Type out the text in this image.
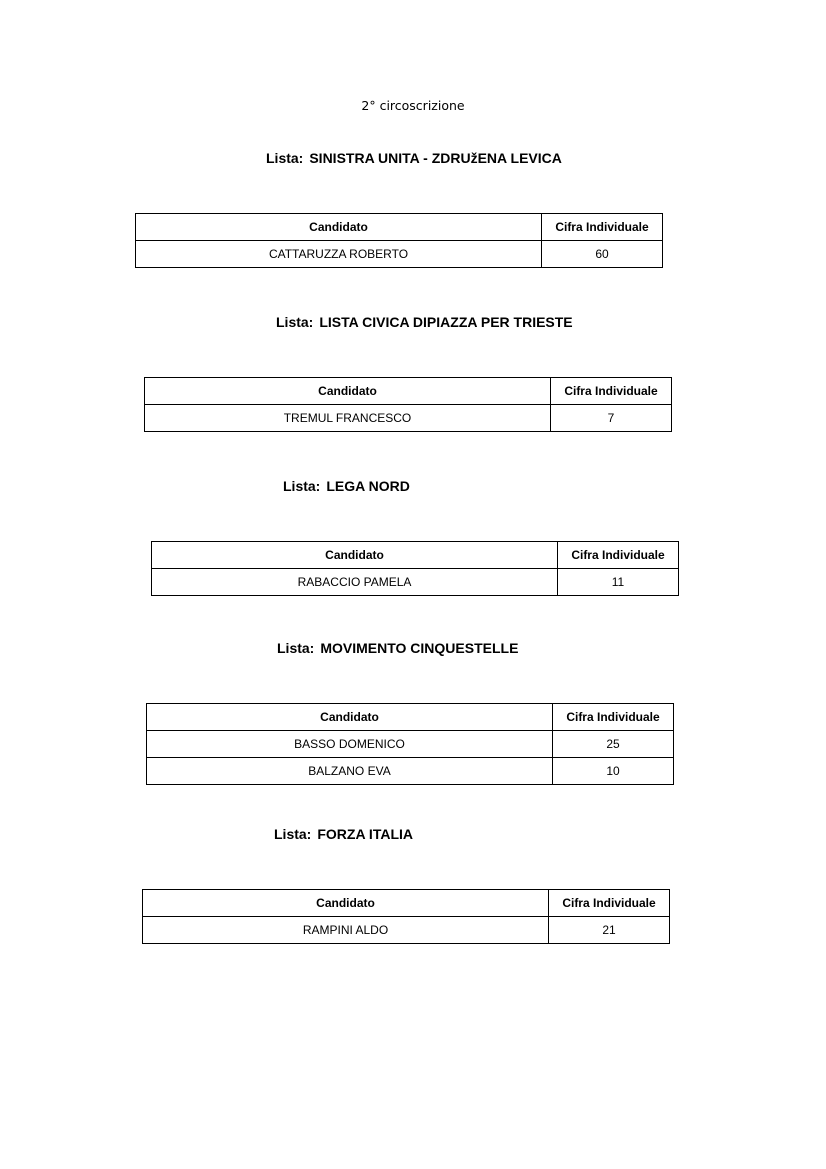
2° circoscrizione
Lista: SINISTRA UNITA - ZDRUžENA LEVICA
Candidato	Cifra Individuale
CATTARUZZA ROBERTO	60
Lista: LISTA CIVICA DIPIAZZA PER TRIESTE
Candidato	Cifra Individuale
TREMUL FRANCESCO	7
Lista: LEGA NORD
Candidato	Cifra Individuale
RABACCIO PAMELA	11
Lista: MOVIMENTO CINQUESTELLE
Candidato	Cifra Individuale
BASSO DOMENICO	25
BALZANO EVA	10
Lista: FORZA ITALIA
Candidato	Cifra Individuale
RAMPINI ALDO	21
